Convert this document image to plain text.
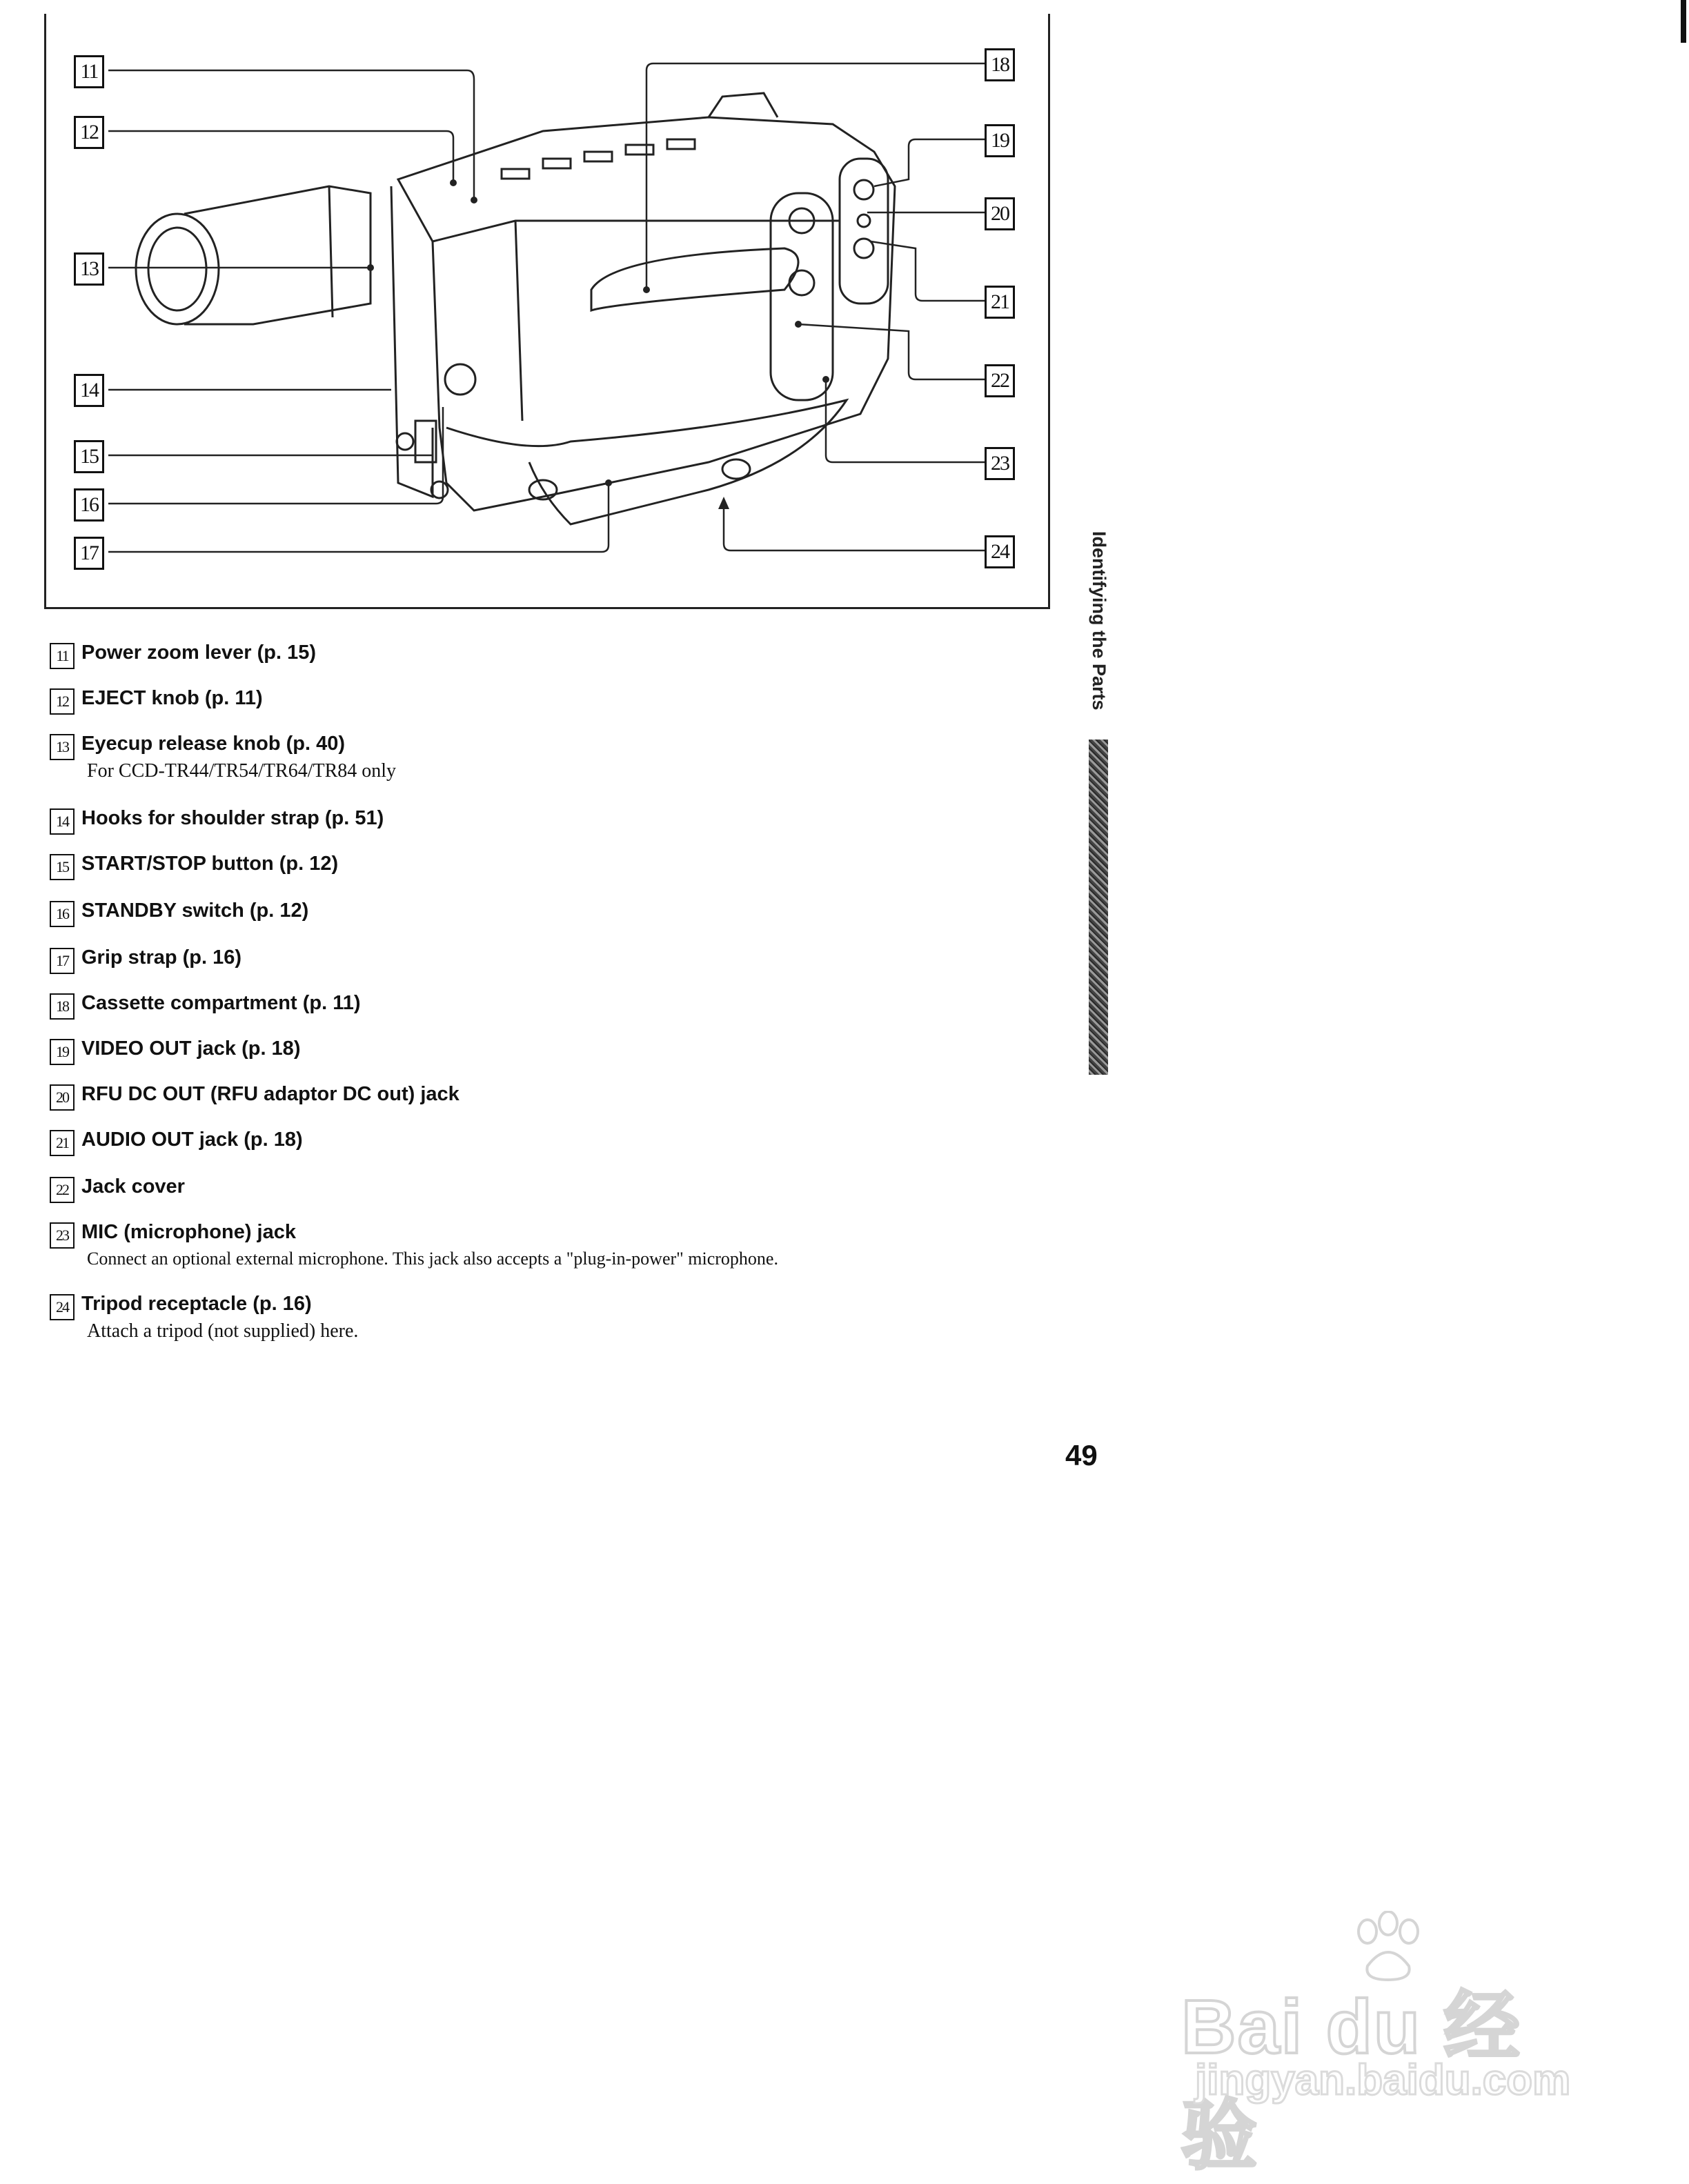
11
12
13
14
15
16
17
18
19
20
21
22
23
24
11 Power zoom lever (p. 15)
12 EJECT knob (p. 11)
13 Eyecup release knob (p. 40)
For CCD-TR44/TR54/TR64/TR84 only
14 Hooks for shoulder strap (p. 51)
15 START/STOP button (p. 12)
16 STANDBY switch (p. 12)
17 Grip strap (p. 16)
18 Cassette compartment (p. 11)
19 VIDEO OUT jack (p. 18)
20 RFU DC OUT (RFU adaptor DC out) jack
21 AUDIO OUT jack (p. 18)
22 Jack cover
23 MIC (microphone) jack
Connect an optional external microphone. This jack also accepts a "plug-in-power" microphone.
24 Tripod receptacle (p. 16)
Attach a tripod (not supplied) here.
Identifying the Parts
49
Bai du 经验
jingyan.baidu.com
